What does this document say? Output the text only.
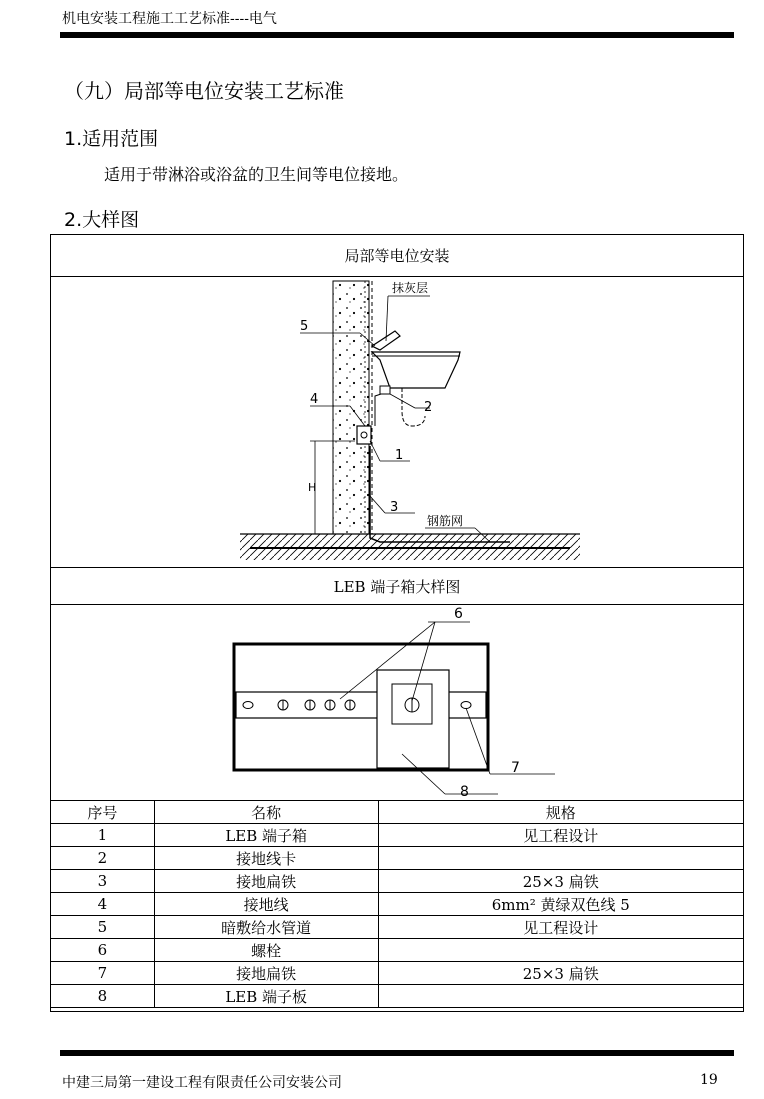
机电安装工程施工工艺标准----电气
（九）局部等电位安装工艺标准
1.适用范围
适用于带淋浴或浴盆的卫生间等电位接地。
2.大样图
局部等电位安装
LEB 端子箱大样图
抹灰层
5
4
2
1
3
钢筋网
H
6
7
8
序号	名称	规格
1	LEB 端子箱	见工程设计
2	接地线卡	
3	接地扁铁	25×3 扁铁
4	接地线	6mm² 黄绿双色线 5
5	暗敷给水管道	见工程设计
6	螺栓	
7	接地扁铁	25×3 扁铁
8	LEB 端子板	
中建三局第一建设工程有限责任公司安装公司	19
